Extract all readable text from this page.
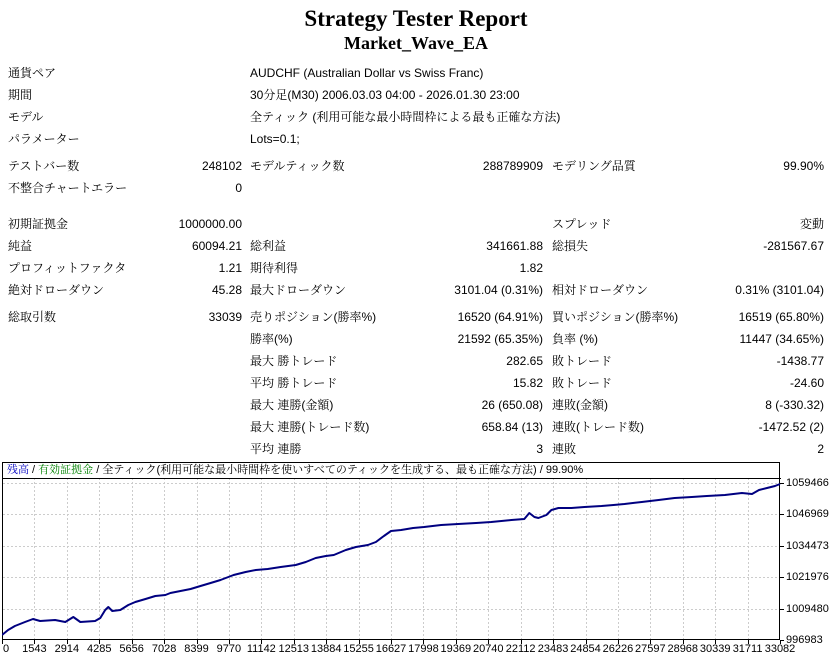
Strategy Tester Report
Market_Wave_EA
通貨ペア	AUDCHF (Australian Dollar vs Swiss Franc)
期間	30分足(M30) 2006.03.03 04:00 - 2026.01.30 23:00
モデル	全ティック (利用可能な最小時間枠による最も正確な方法)
パラメーター	Lots=0.1;
テストバー数	248102 モデルティック数	288789909 モデリング品質	99.90%
不整合チャートエラー	0
初期証拠金	1000000.00	スプレッド	変動
純益	60094.21 総利益	341661.88 総損失	-281567.67
プロフィットファクタ	1.21 期待利得	1.82
絶対ドローダウン	45.28 最大ドローダウン	3101.04 (0.31%) 相対ドローダウン	0.31% (3101.04)
総取引数	33039 売りポジション(勝率%)	16520 (64.91%) 買いポジション(勝率%)	16519 (65.80%)
勝率(%)	21592 (65.35%) 負率 (%)	11447 (34.65%)
最大 勝トレード	282.65 敗トレード	-1438.77
平均 勝トレード	15.82 敗トレード	-24.60
最大 連勝(金額)	26 (650.08) 連敗(金額)	8 (-330.32)
最大 連勝(トレード数)	658.84 (13) 連敗(トレード数)	-1472.52 (2)
平均 連勝	3 連敗	2
残高 / 有効証拠金 / 全ティック(利用可能な最小時間枠を使いすべてのティックを生成する、最も正確な方法) / 99.90%
1059466
1046969
1034473
1021976
1009480
996983
0 1543 2914 4285 5656 7028 8399 9770 11142 12513 13884 15255 16627 17998 19369 20740 22112 23483 24854 26226 27597 28968 30339 31711 33082
